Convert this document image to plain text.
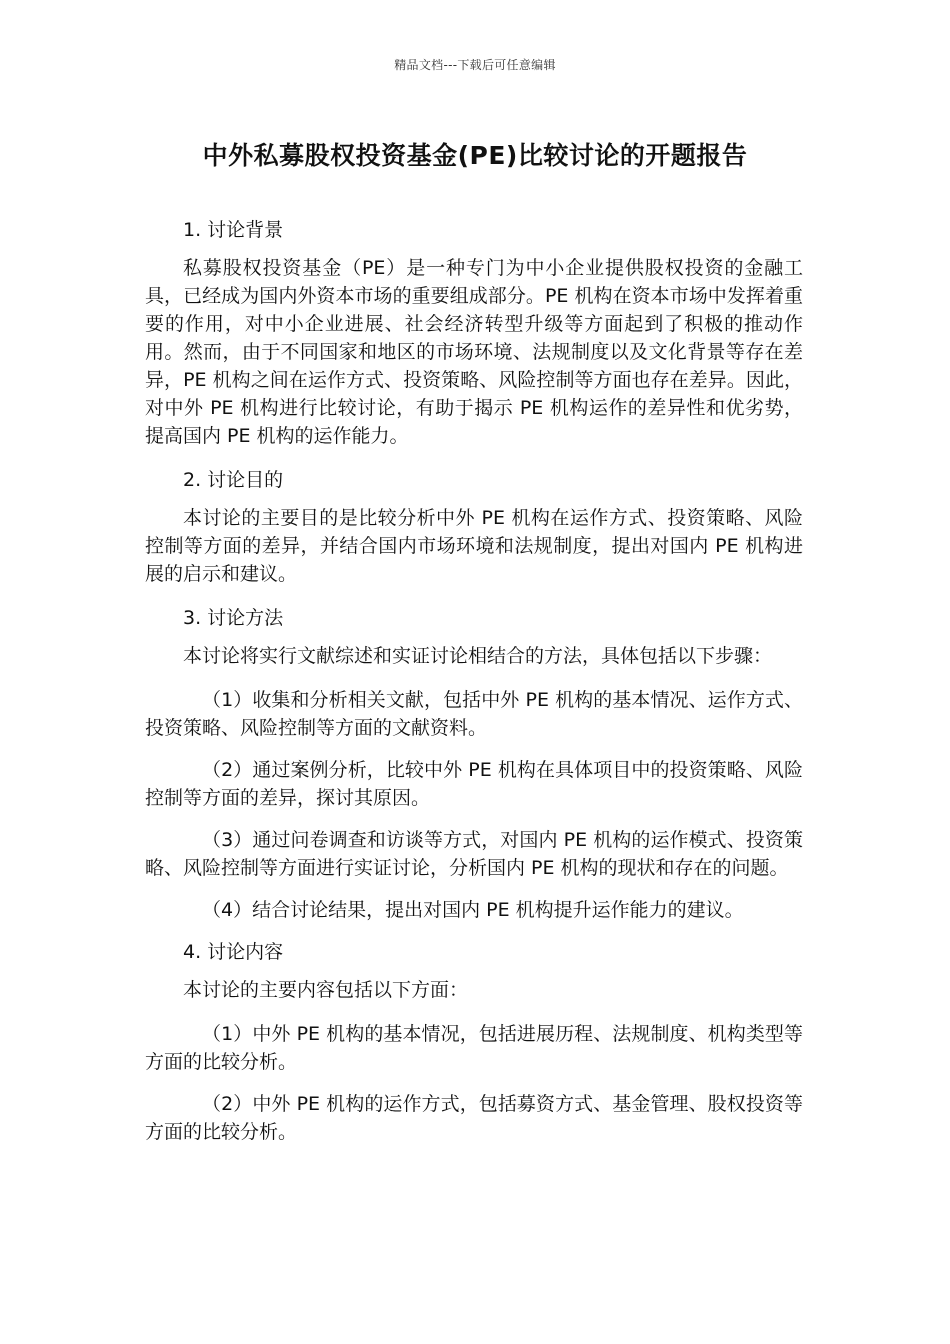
精品文档---下载后可任意编辑
中外私募股权投资基金(PE)比较讨论的开题报告

1. 讨论背景

私募股权投资基金（PE）是一种专门为中小企业提供股权投资的金融工具，已经成为国内外资本市场的重要组成部分。PE 机构在资本市场中发挥着重要的作用，对中小企业进展、社会经济转型升级等方面起到了积极的推动作用。然而，由于不同国家和地区的市场环境、法规制度以及文化背景等存在差异，PE 机构之间在运作方式、投资策略、风险控制等方面也存在差异。因此，对中外 PE 机构进行比较讨论，有助于揭示 PE 机构运作的差异性和优劣势，提高国内 PE 机构的运作能力。

2. 讨论目的

本讨论的主要目的是比较分析中外 PE 机构在运作方式、投资策略、风险控制等方面的差异，并结合国内市场环境和法规制度，提出对国内 PE 机构进展的启示和建议。

3. 讨论方法

本讨论将实行文献综述和实证讨论相结合的方法，具体包括以下步骤：

（1）收集和分析相关文献，包括中外 PE 机构的基本情况、运作方式、投资策略、风险控制等方面的文献资料。

（2）通过案例分析，比较中外 PE 机构在具体项目中的投资策略、风险控制等方面的差异，探讨其原因。

（3）通过问卷调查和访谈等方式，对国内 PE 机构的运作模式、投资策略、风险控制等方面进行实证讨论，分析国内 PE 机构的现状和存在的问题。

（4）结合讨论结果，提出对国内 PE 机构提升运作能力的建议。

4. 讨论内容

本讨论的主要内容包括以下方面：

（1）中外 PE 机构的基本情况，包括进展历程、法规制度、机构类型等方面的比较分析。

（2）中外 PE 机构的运作方式，包括募资方式、基金管理、股权投资等方面的比较分析。
